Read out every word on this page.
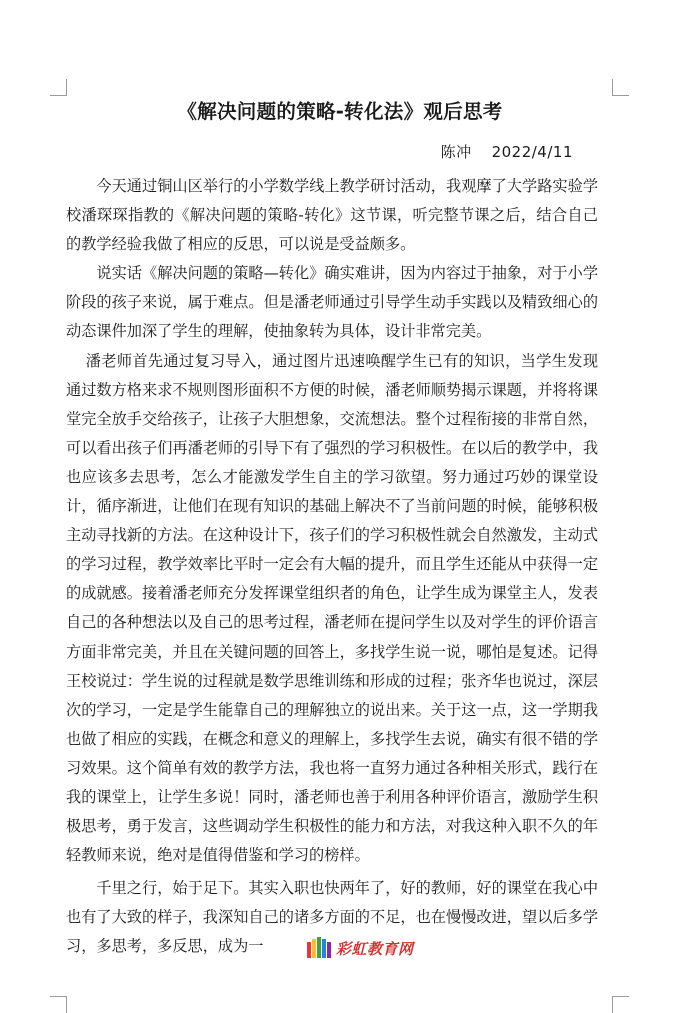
《解决问题的策略-转化法》观后思考
陈冲 2022/4/11

今天通过铜山区举行的小学数学线上教学研讨活动，我观摩了大学路实验学校潘琛琛指教的《解决问题的策略-转化》这节课，听完整节课之后，结合自己的教学经验我做了相应的反思，可以说是受益颇多。

说实话《解决问题的策略—转化》确实难讲，因为内容过于抽象，对于小学阶段的孩子来说，属于难点。但是潘老师通过引导学生动手实践以及精致细心的动态课件加深了学生的理解，使抽象转为具体，设计非常完美。

潘老师首先通过复习导入，通过图片迅速唤醒学生已有的知识，当学生发现通过数方格来求不规则图形面积不方便的时候，潘老师顺势揭示课题，并将将课堂完全放手交给孩子，让孩子大胆想象，交流想法。整个过程衔接的非常自然，可以看出孩子们再潘老师的引导下有了强烈的学习积极性。在以后的教学中，我也应该多去思考，怎么才能激发学生自主的学习欲望。努力通过巧妙的课堂设计，循序渐进，让他们在现有知识的基础上解决不了当前问题的时候，能够积极主动寻找新的方法。在这种设计下，孩子们的学习积极性就会自然激发，主动式的学习过程，教学效率比平时一定会有大幅的提升，而且学生还能从中获得一定的成就感。接着潘老师充分发挥课堂组织者的角色，让学生成为课堂主人，发表自己的各种想法以及自己的思考过程，潘老师在提问学生以及对学生的评价语言方面非常完美，并且在关键问题的回答上，多找学生说一说，哪怕是复述。记得王校说过：学生说的过程就是数学思维训练和形成的过程；张齐华也说过，深层次的学习，一定是学生能靠自己的理解独立的说出来。关于这一点，这一学期我也做了相应的实践，在概念和意义的理解上，多找学生去说，确实有很不错的学习效果。这个简单有效的教学方法，我也将一直努力通过各种相关形式，践行在我的课堂上，让学生多说！同时，潘老师也善于利用各种评价语言，激励学生积极思考，勇于发言，这些调动学生积极性的能力和方法，对我这种入职不久的年轻教师来说，绝对是值得借鉴和学习的榜样。

千里之行，始于足下。其实入职也快两年了，好的教师，好的课堂在我心中也有了大致的样子，我深知自己的诸多方面的不足，也在慢慢改进，望以后多学习，多思考，多反思，成为一	彩虹教育网
